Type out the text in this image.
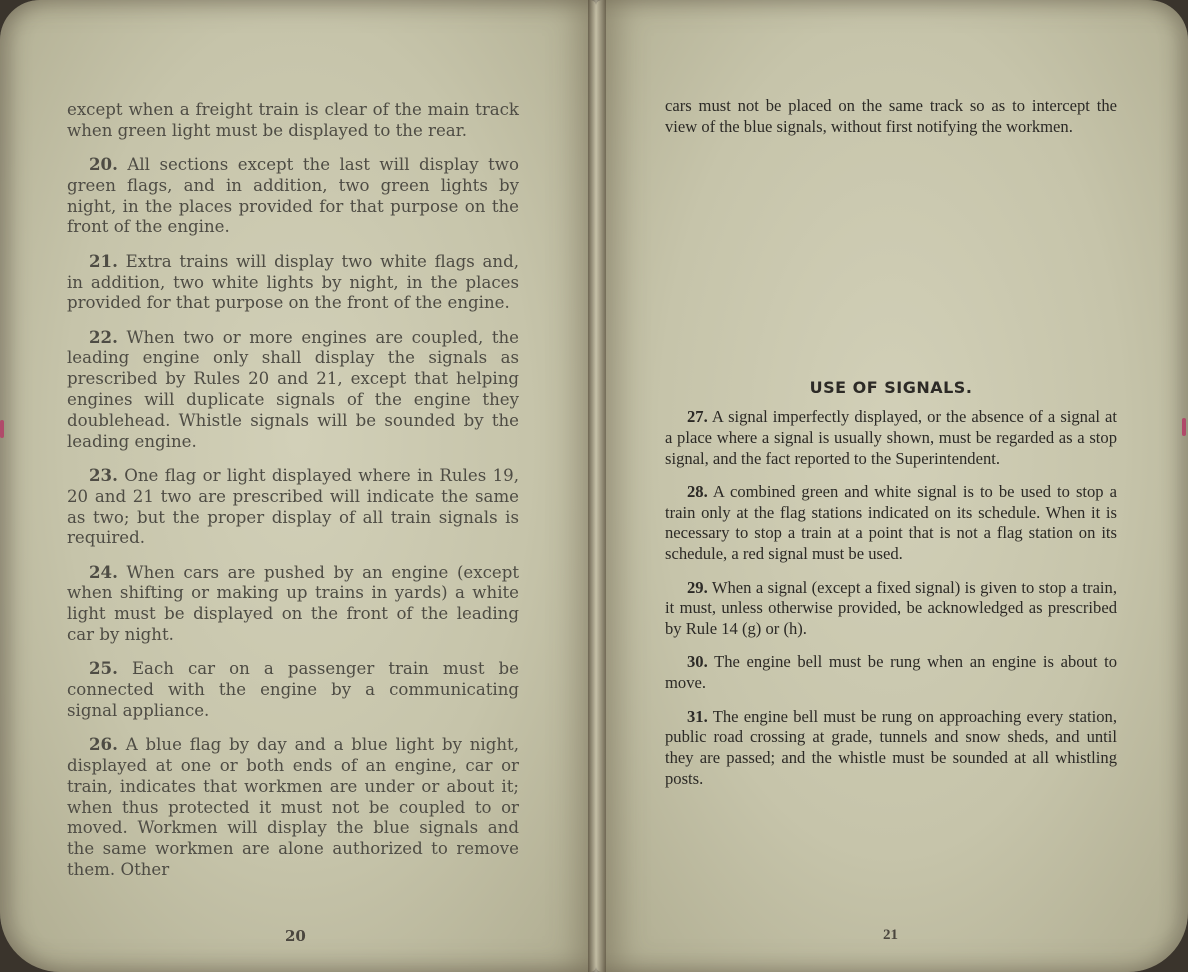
except when a freight train is clear of the main track when green light must be displayed to the rear.

20. All sections except the last will display two green flags, and in addition, two green lights by night, in the places provided for that purpose on the front of the engine.

21. Extra trains will display two white flags and, in addition, two white lights by night, in the places provided for that purpose on the front of the engine.

22. When two or more engines are coupled, the leading engine only shall display the signals as prescribed by Rules 20 and 21, except that helping engines will duplicate signals of the engine they doublehead. Whistle signals will be sounded by the leading engine.

23. One flag or light displayed where in Rules 19, 20 and 21 two are prescribed will indicate the same as two; but the proper display of all train signals is required.

24. When cars are pushed by an engine (except when shifting or making up trains in yards) a white light must be displayed on the front of the leading car by night.

25. Each car on a passenger train must be connected with the engine by a communicating signal appliance.

26. A blue flag by day and a blue light by night, displayed at one or both ends of an engine, car or train, indicates that workmen are under or about it; when thus protected it must not be coupled to or moved. Workmen will display the blue signals and the same workmen are alone authorized to remove them. Other

20

cars must not be placed on the same track so as to intercept the view of the blue signals, without first notifying the workmen.

USE OF SIGNALS.

27. A signal imperfectly displayed, or the absence of a signal at a place where a signal is usually shown, must be regarded as a stop signal, and the fact reported to the Superintendent.

28. A combined green and white signal is to be used to stop a train only at the flag stations indicated on its schedule. When it is necessary to stop a train at a point that is not a flag station on its schedule, a red signal must be used.

29. When a signal (except a fixed signal) is given to stop a train, it must, unless otherwise provided, be acknowledged as prescribed by Rule 14 (g) or (h).

30. The engine bell must be rung when an engine is about to move.

31. The engine bell must be rung on approaching every station, public road crossing at grade, tunnels and snow sheds, and until they are passed; and the whistle must be sounded at all whistling posts.

21
